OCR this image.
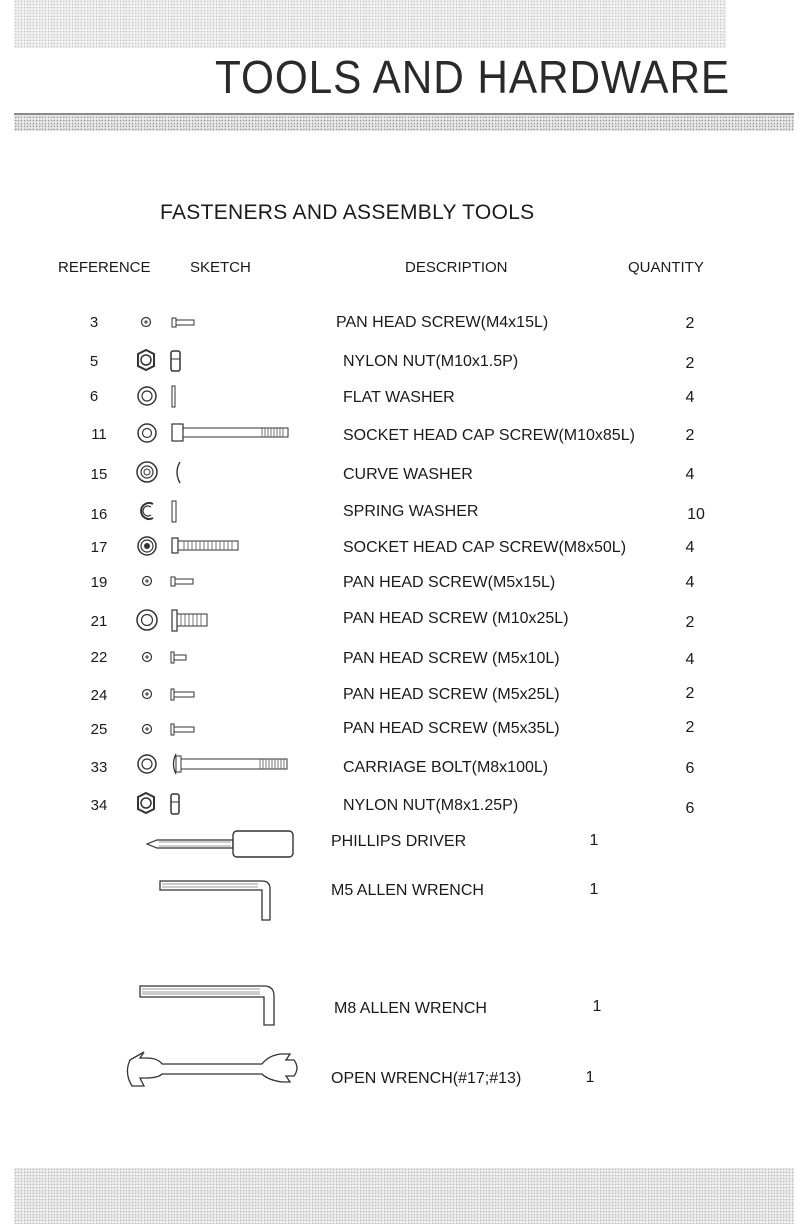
TOOLS AND HARDWARE
FASTENERS AND ASSEMBLY TOOLS
REFERENCE	SKETCH	DESCRIPTION	QUANTITY
3	PAN HEAD SCREW(M4x15L)	2
5	NYLON NUT(M10x1.5P)	2
6	FLAT WASHER	4
11	SOCKET HEAD CAP SCREW(M10x85L)	2
15	CURVE WASHER	4
16	SPRING WASHER	10
17	SOCKET HEAD CAP SCREW(M8x50L)	4
19	PAN HEAD SCREW(M5x15L)	4
21	PAN HEAD SCREW (M10x25L)	2
22	PAN HEAD SCREW (M5x10L)	4
24	PAN HEAD SCREW (M5x25L)	2
25	PAN HEAD SCREW (M5x35L)	2
33	CARRIAGE BOLT(M8x100L)	6
34	NYLON NUT(M8x1.25P)	6
PHILLIPS DRIVER	1
M5 ALLEN WRENCH	1
M8 ALLEN WRENCH	1
OPEN WRENCH(#17;#13)	1
